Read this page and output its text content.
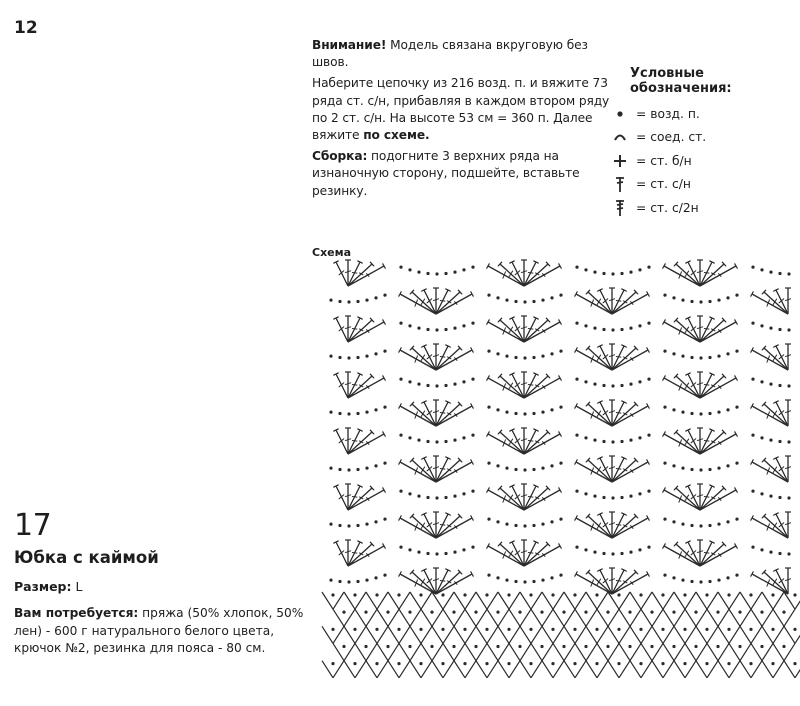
12

Внимание! Модель связана вкруговую без швов.

Наберите цепочку из 216 возд. п. и вяжите 73 ряда ст. с/н, прибавляя в каждом втором ряду по 2 ст. с/н. На высоте 53 см = 360 п. Далее вяжите по схеме.

Сборка: подогните 3 верхних ряда на изнаночную сторону, подшейте, вставьте резинку.

Условные обозначения:
= возд. п.
= соед. ст.
= ст. б/н
= ст. с/н
= ст. с/2н
Схема
17
Юбка с каймой
Размер: L
Вам потребуется: пряжа (50% хлопок, 50% лен) - 600 г натурального белого цвета, крючок №2, резинка для пояса - 80 см.
